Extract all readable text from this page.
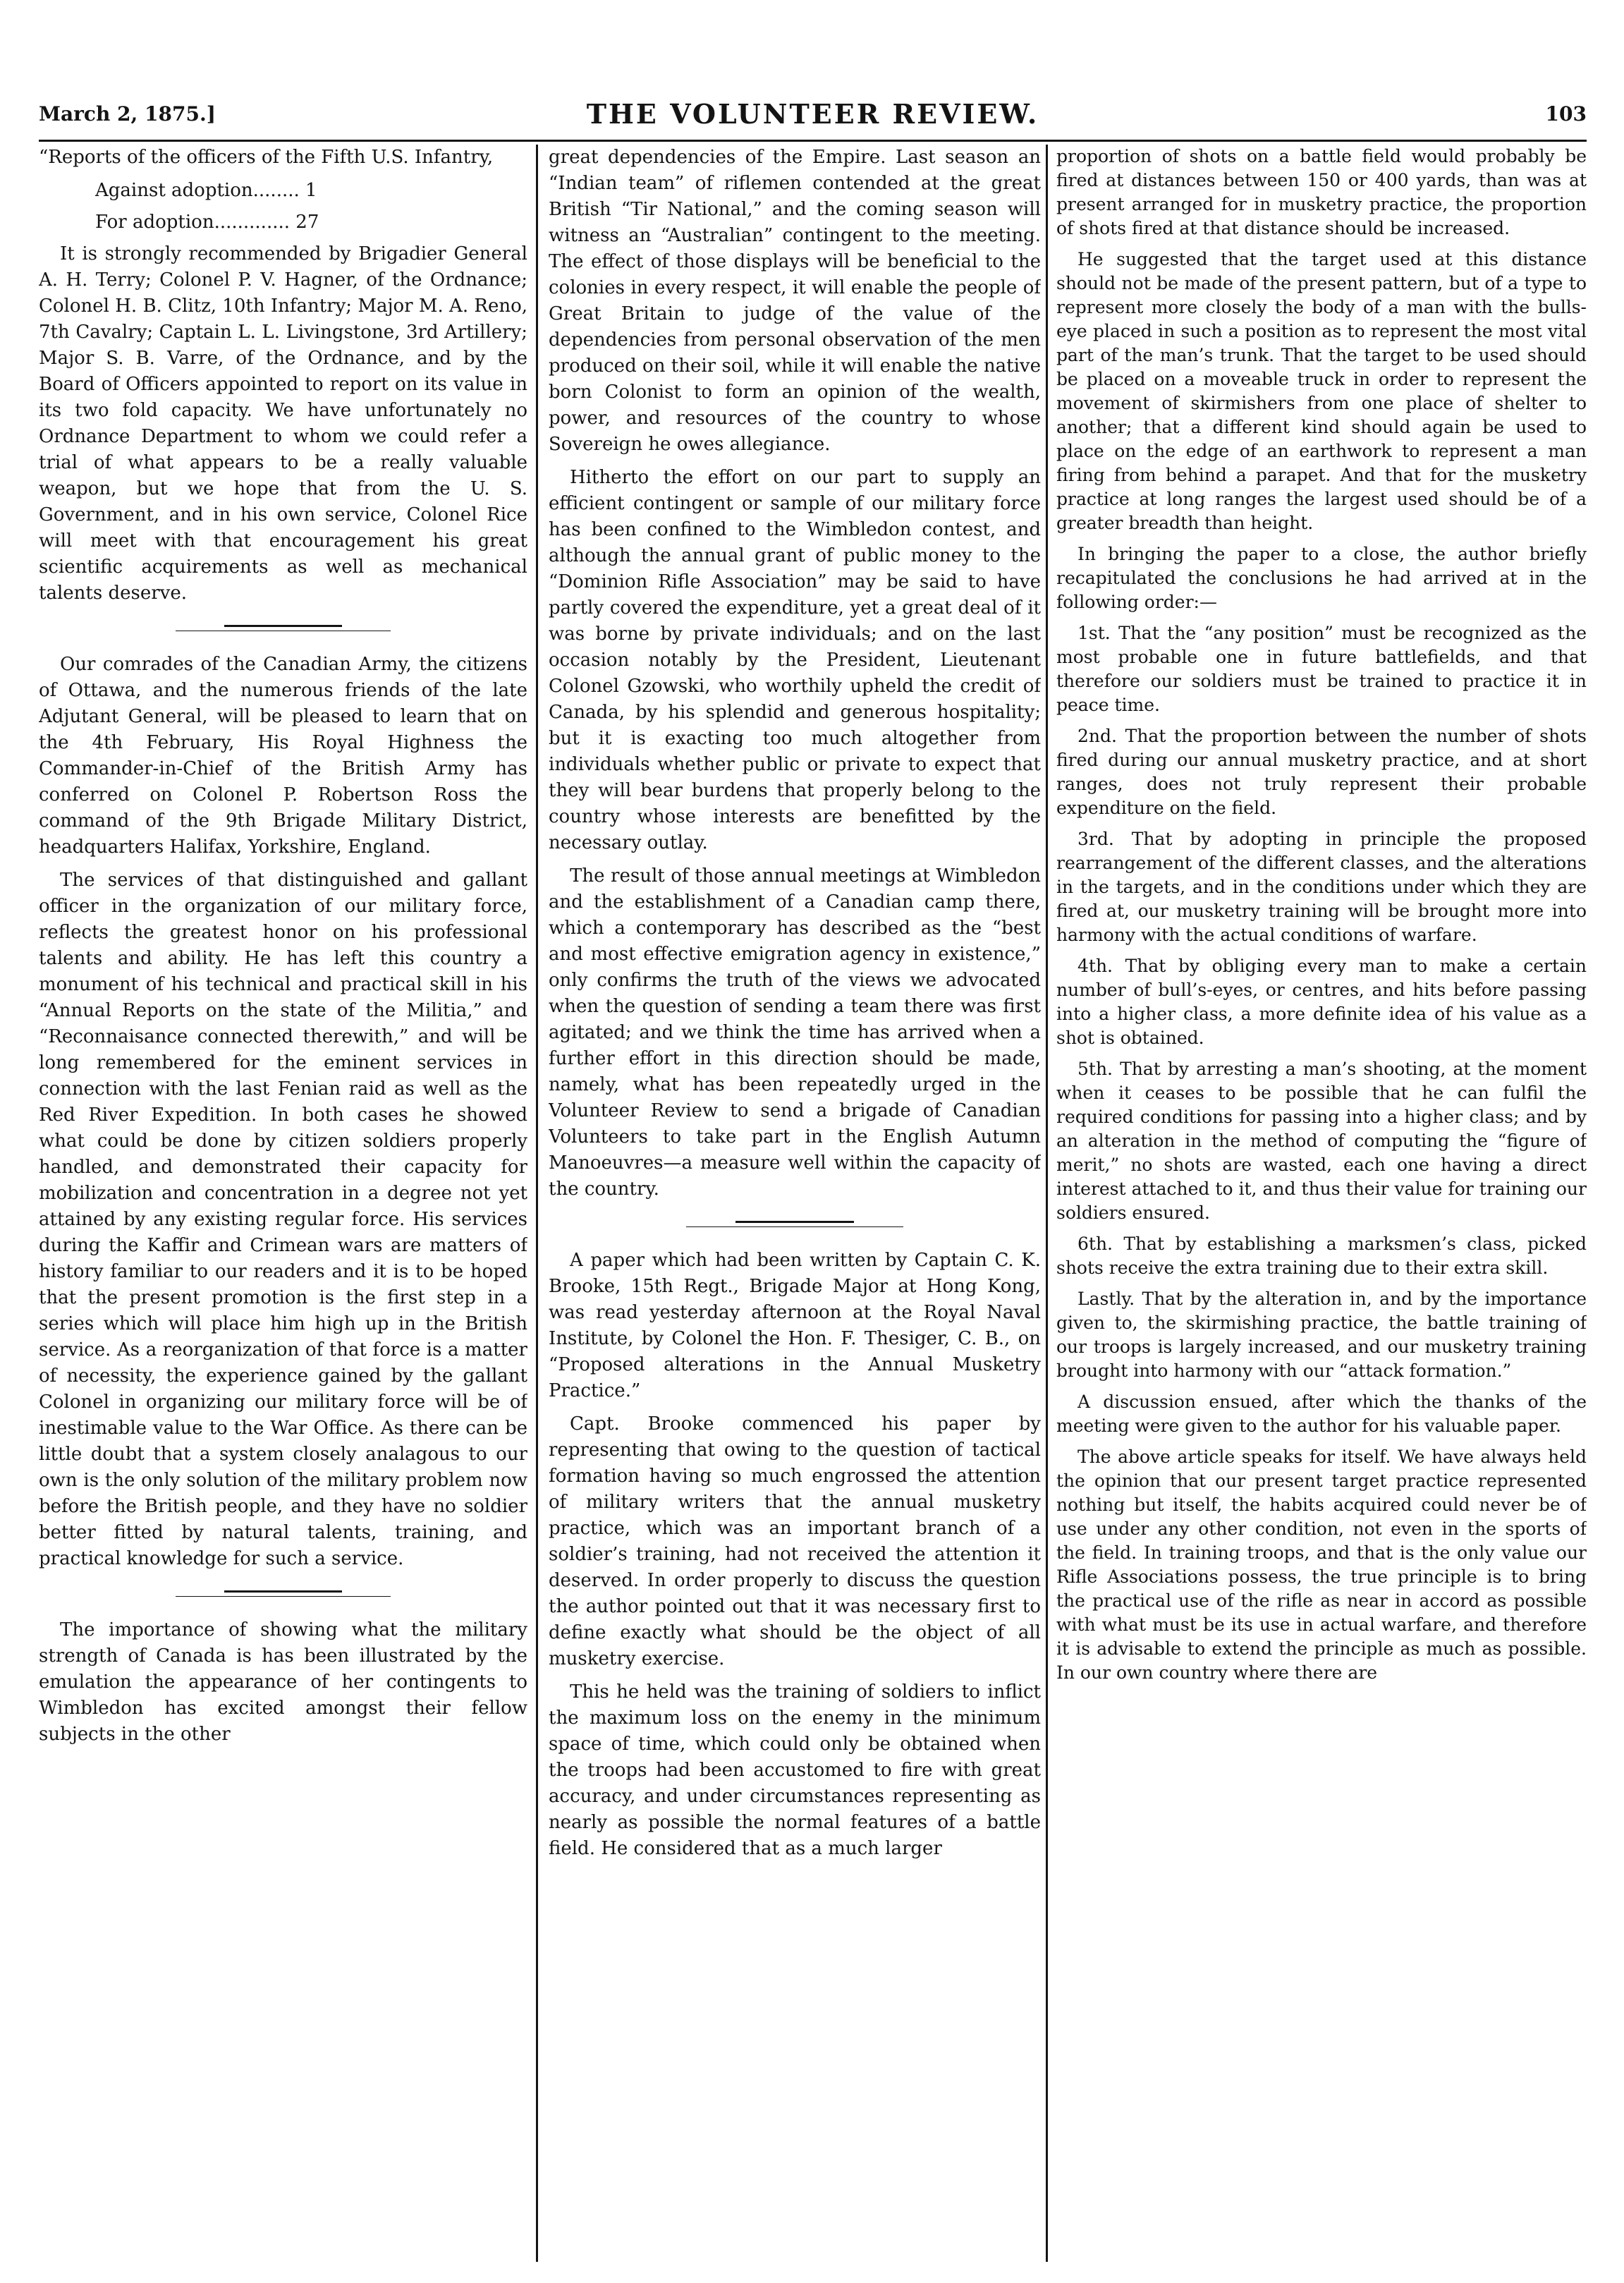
March 2, 1875.]	THE VOLUNTEER REVIEW.	103

“Reports of the officers of the Fifth U.S. Infantry,

Against adoption........ 1
For adoption............. 27

It is strongly recommended by Brigadier General A. H. Terry; Colonel P. V. Hagner, of the Ordnance; Colonel H. B. Clitz, 10th Infantry; Major M. A. Reno, 7th Cavalry; Captain L. L. Livingstone, 3rd Artillery; Major S. B. Varre, of the Ordnance, and by the Board of Officers appointed to report on its value in its two fold capacity. We have unfortunately no Ordnance Department to whom we could refer a trial of what appears to be a really valuable weapon, but we hope that from the U. S. Government, and in his own service, Colonel Rice will meet with that encouragement his great scientific acquirements as well as mechanical talents deserve.

Our comrades of the Canadian Army, the citizens of Ottawa, and the numerous friends of the late Adjutant General, will be pleased to learn that on the 4th February, His Royal Highness the Commander-in-Chief of the British Army has conferred on Colonel P. Robertson Ross the command of the 9th Brigade Military District, headquarters Halifax, Yorkshire, England.

The services of that distinguished and gallant officer in the organization of our military force, reflects the greatest honor on his professional talents and ability. He has left this country a monument of his technical and practical skill in his “Annual Reports on the state of the Militia,” and “Reconnaisance connected therewith,” and will be long remembered for the eminent services in connection with the last Fenian raid as well as the Red River Expedition. In both cases he showed what could be done by citizen soldiers properly handled, and demonstrated their capacity for mobilization and concentration in a degree not yet attained by any existing regular force. His services during the Kaffir and Crimean wars are matters of history familiar to our readers and it is to be hoped that the present promotion is the first step in a series which will place him high up in the British service. As a reorganization of that force is a matter of necessity, the experience gained by the gallant Colonel in organizing our military force will be of inestimable value to the War Office. As there can be little doubt that a system closely analagous to our own is the only solution of the military problem now before the British people, and they have no soldier better fitted by natural talents, training, and practical knowledge for such a service.

The importance of showing what the military strength of Canada is has been illustrated by the emulation the appearance of her contingents to Wimbledon has excited amongst their fellow subjects in the other

great dependencies of the Empire. Last season an “Indian team” of riflemen contended at the great British “Tir National,” and the coming season will witness an “Australian” contingent to the meeting. The effect of those displays will be beneficial to the colonies in every respect, it will enable the people of Great Britain to judge of the value of the dependencies from personal observation of the men produced on their soil, while it will enable the native born Colonist to form an opinion of the wealth, power, and resources of the country to whose Sovereign he owes allegiance.

Hitherto the effort on our part to supply an efficient contingent or sample of our military force has been confined to the Wimbledon contest, and although the annual grant of public money to the “Dominion Rifle Association” may be said to have partly covered the expenditure, yet a great deal of it was borne by private individuals; and on the last occasion notably by the President, Lieutenant Colonel Gzowski, who worthily upheld the credit of Canada, by his splendid and generous hospitality; but it is exacting too much altogether from individuals whether public or private to expect that they will bear burdens that properly belong to the country whose interests are benefitted by the necessary outlay.

The result of those annual meetings at Wimbledon and the establishment of a Canadian camp there, which a contemporary has described as the “best and most effective emigration agency in existence,” only confirms the truth of the views we advocated when the question of sending a team there was first agitated; and we think the time has arrived when a further effort in this direction should be made, namely, what has been repeatedly urged in the Volunteer Review to send a brigade of Canadian Volunteers to take part in the English Autumn Manoeuvres—a measure well within the capacity of the country.

A paper which had been written by Captain C. K. Brooke, 15th Regt., Brigade Major at Hong Kong, was read yesterday afternoon at the Royal Naval Institute, by Colonel the Hon. F. Thesiger, C. B., on “Proposed alterations in the Annual Musketry Practice.”

Capt. Brooke commenced his paper by representing that owing to the question of tactical formation having so much engrossed the attention of military writers that the annual musketry practice, which was an important branch of a soldier’s training, had not received the attention it deserved. In order properly to discuss the question the author pointed out that it was necessary first to define exactly what should be the object of all musketry exercise.

This he held was the training of soldiers to inflict the maximum loss on the enemy in the minimum space of time, which could only be obtained when the troops had been accustomed to fire with great accuracy, and under circumstances representing as nearly as possible the normal features of a battle field. He considered that as a much larger

proportion of shots on a battle field would probably be fired at distances between 150 or 400 yards, than was at present arranged for in musketry practice, the proportion of shots fired at that distance should be increased.

He suggested that the target used at this distance should not be made of the present pattern, but of a type to represent more closely the body of a man with the bulls-eye placed in such a position as to represent the most vital part of the man’s trunk. That the target to be used should be placed on a moveable truck in order to represent the movement of skirmishers from one place of shelter to another; that a different kind should again be used to place on the edge of an earthwork to represent a man firing from behind a parapet. And that for the musketry practice at long ranges the largest used should be of a greater breadth than height.

In bringing the paper to a close, the author briefly recapitulated the conclusions he had arrived at in the following order:—

1st. That the “any position” must be recognized as the most probable one in future battlefields, and that therefore our soldiers must be trained to practice it in peace time.

2nd. That the proportion between the number of shots fired during our annual musketry practice, and at short ranges, does not truly represent their probable expenditure on the field.

3rd. That by adopting in principle the proposed rearrangement of the different classes, and the alterations in the targets, and in the conditions under which they are fired at, our musketry training will be brought more into harmony with the actual conditions of warfare.

4th. That by obliging every man to make a certain number of bull’s-eyes, or centres, and hits before passing into a higher class, a more definite idea of his value as a shot is obtained.

5th. That by arresting a man’s shooting, at the moment when it ceases to be possible that he can fulfil the required conditions for passing into a higher class; and by an alteration in the method of computing the “figure of merit,” no shots are wasted, each one having a direct interest attached to it, and thus their value for training our soldiers ensured.

6th. That by establishing a marksmen’s class, picked shots receive the extra training due to their extra skill.

Lastly. That by the alteration in, and by the importance given to, the skirmishing practice, the battle training of our troops is largely increased, and our musketry training brought into harmony with our “attack formation.”

A discussion ensued, after which the thanks of the meeting were given to the author for his valuable paper.

The above article speaks for itself. We have always held the opinion that our present target practice represented nothing but itself, the habits acquired could never be of use under any other condition, not even in the sports of the field. In training troops, and that is the only value our Rifle Associations possess, the true principle is to bring the practical use of the rifle as near in accord as possible with what must be its use in actual warfare, and therefore it is advisable to extend the principle as much as possible. In our own country where there are
